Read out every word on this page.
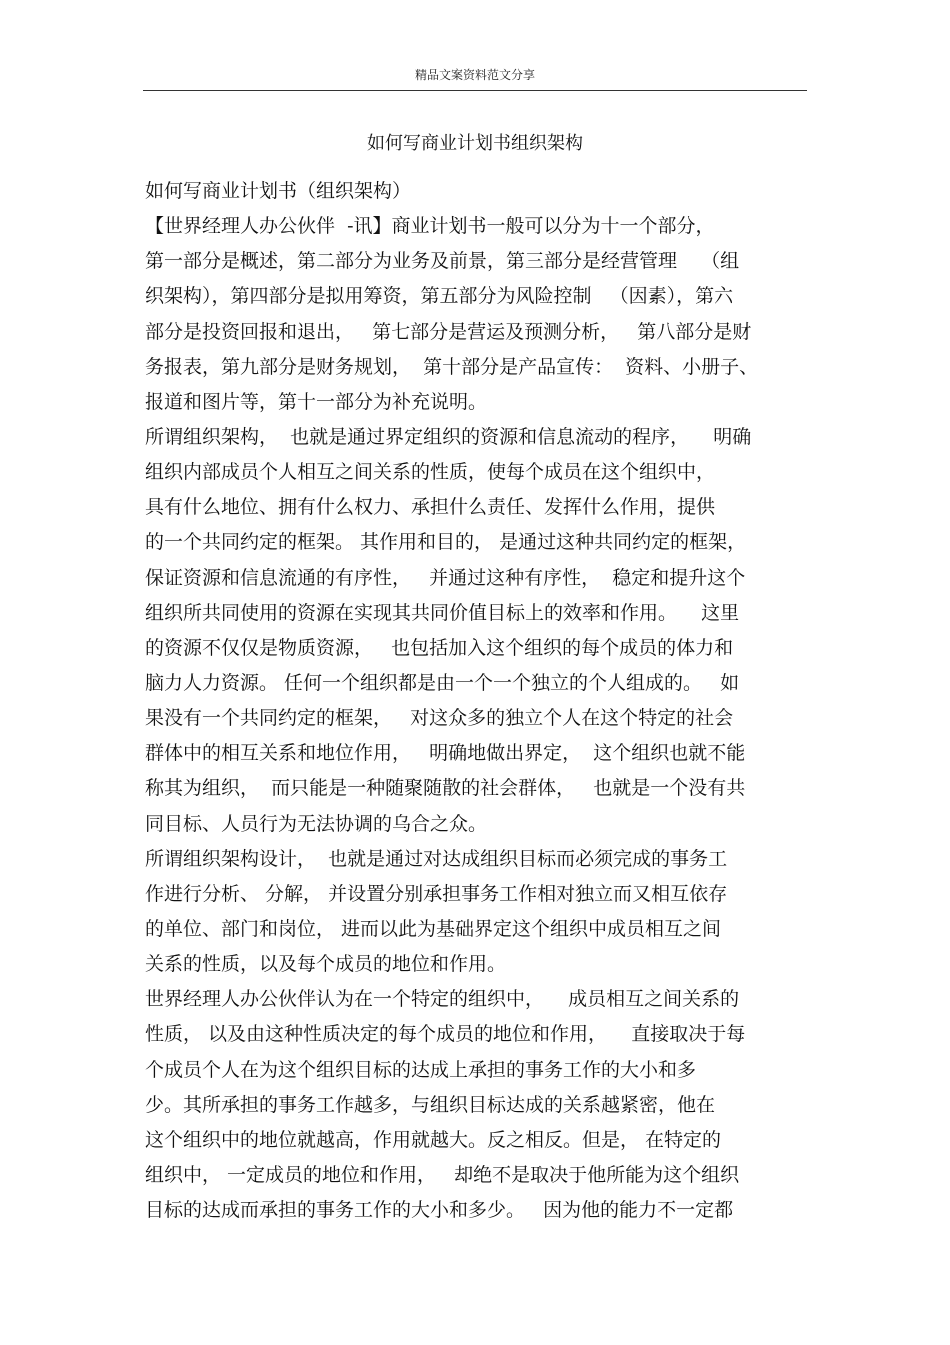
精品文案资料范文分享
如何写商业计划书组织架构
如何写商业计划书（组织架构）
【世界经理人办公伙伴  -讯】商业计划书一般可以分为十一个部分，
第一部分是概述，第二部分为业务及前景，第三部分是经营管理    （组
织架构），第四部分是拟用筹资，第五部分为风险控制   （因素），第六
部分是投资回报和退出，   第七部分是营运及预测分析，   第八部分是财
务报表，第九部分是财务规划，  第十部分是产品宣传：  资料、小册子、
报道和图片等，第十一部分为补充说明。
所谓组织架构，  也就是通过界定组织的资源和信息流动的程序，    明确
组织内部成员个人相互之间关系的性质，使每个成员在这个组织中，
具有什么地位、拥有什么权力、承担什么责任、发挥什么作用，提供
的一个共同约定的框架。 其作用和目的， 是通过这种共同约定的框架，
保证资源和信息流通的有序性，   并通过这种有序性，  稳定和提升这个
组织所共同使用的资源在实现其共同价值目标上的效率和作用。    这里
的资源不仅仅是物质资源，   也包括加入这个组织的每个成员的体力和
脑力人力资源。 任何一个组织都是由一个一个独立的个人组成的。   如
果没有一个共同约定的框架，   对这众多的独立个人在这个特定的社会
群体中的相互关系和地位作用，   明确地做出界定，  这个组织也就不能
称其为组织，  而只能是一种随聚随散的社会群体，   也就是一个没有共
同目标、人员行为无法协调的乌合之众。
所谓组织架构设计，  也就是通过对达成组织目标而必须完成的事务工
作进行分析、 分解， 并设置分别承担事务工作相对独立而又相互依存
的单位、部门和岗位， 进而以此为基础界定这个组织中成员相互之间
关系的性质，以及每个成员的地位和作用。
世界经理人办公伙伴认为在一个特定的组织中，    成员相互之间关系的
性质， 以及由这种性质决定的每个成员的地位和作用，    直接取决于每
个成员个人在为这个组织目标的达成上承担的事务工作的大小和多
少。其所承担的事务工作越多，与组织目标达成的关系越紧密，他在
这个组织中的地位就越高，作用就越大。反之相反。但是， 在特定的
组织中， 一定成员的地位和作用，   却绝不是取决于他所能为这个组织
目标的达成而承担的事务工作的大小和多少。   因为他的能力不一定都
